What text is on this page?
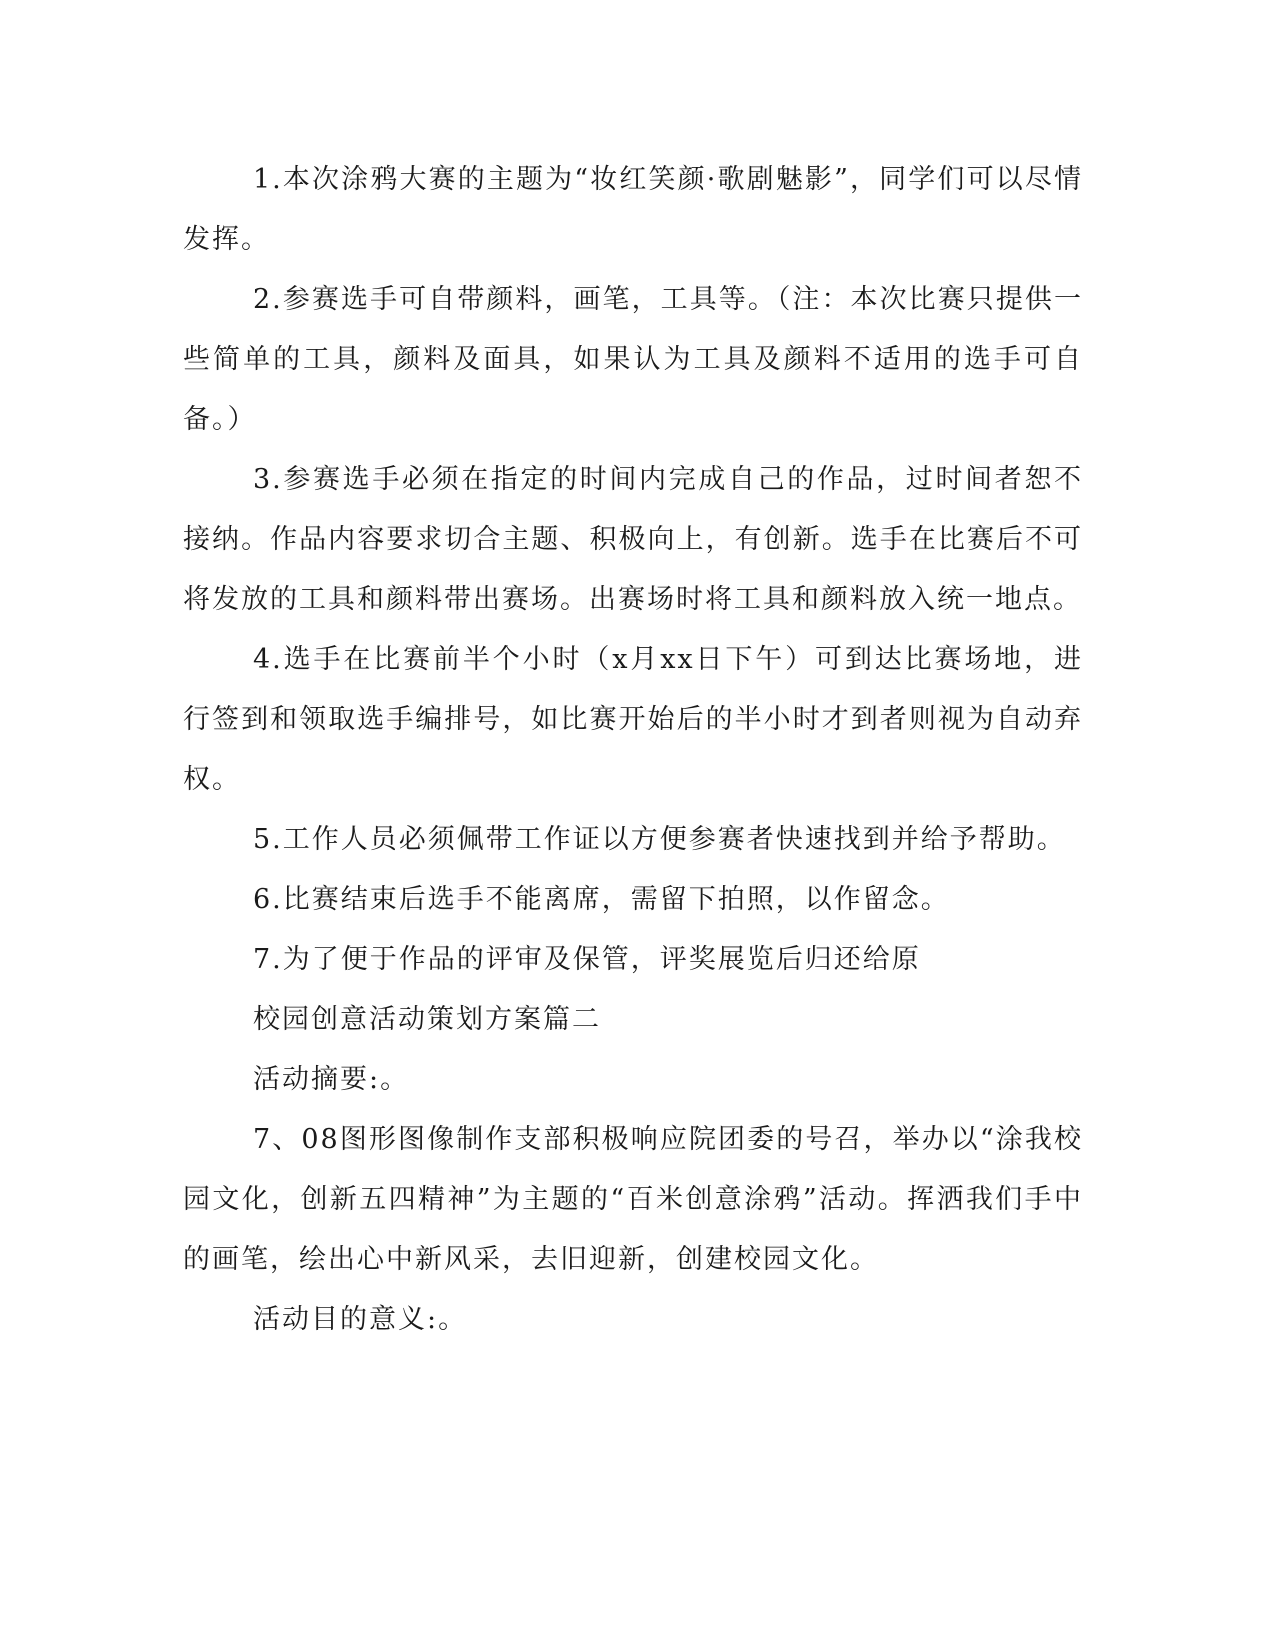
1.本次涂鸦大赛的主题为“妆红笑颜·歌剧魅影”，同学们可以尽情发挥。

2.参赛选手可自带颜料，画笔，工具等。（注：本次比赛只提供一些简单的工具，颜料及面具，如果认为工具及颜料不适用的选手可自备。）

3.参赛选手必须在指定的时间内完成自己的作品，过时间者恕不接纳。作品内容要求切合主题、积极向上，有创新。选手在比赛后不可将发放的工具和颜料带出赛场。出赛场时将工具和颜料放入统一地点。

4.选手在比赛前半个小时（x月xx日下午）可到达比赛场地，进行签到和领取选手编排号，如比赛开始后的半小时才到者则视为自动弃权。

5.工作人员必须佩带工作证以方便参赛者快速找到并给予帮助。

6.比赛结束后选手不能离席，需留下拍照，以作留念。

7.为了便于作品的评审及保管，评奖展览后归还给原

校园创意活动策划方案篇二

活动摘要:。

7、08图形图像制作支部积极响应院团委的号召，举办以“涂我校园文化，创新五四精神”为主题的“百米创意涂鸦”活动。挥洒我们手中的画笔，绘出心中新风采，去旧迎新，创建校园文化。

活动目的意义:。
